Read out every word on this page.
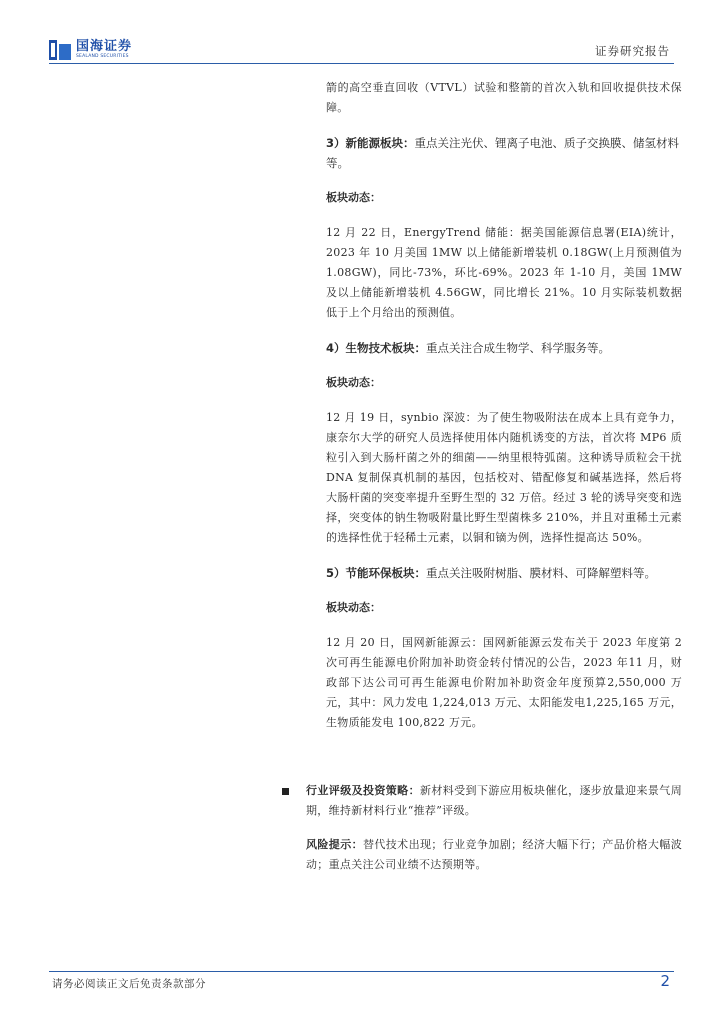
国海证券
SEALAND SECURITIES	证券研究报告

箭的高空垂直回收（VTVL）试验和整箭的首次入轨和回收提供技术保障。

3）新能源板块：重点关注光伏、锂离子电池、质子交换膜、储氢材料等。

板块动态：

12 月 22 日，EnergyTrend 储能：据美国能源信息署(EIA)统计，2023 年 10 月美国 1MW 以上储能新增装机 0.18GW(上月预测值为1.08GW)，同比-73%，环比-69%。2023 年 1-10 月，美国 1MW 及以上储能新增装机 4.56GW，同比增长 21%。10 月实际装机数据低于上个月给出的预测值。

4）生物技术板块：重点关注合成生物学、科学服务等。

板块动态：

12 月 19 日，synbio 深波：为了使生物吸附法在成本上具有竞争力，康奈尔大学的研究人员选择使用体内随机诱变的方法，首次将 MP6 质粒引入到大肠杆菌之外的细菌——纳里根特弧菌。这种诱导质粒会干扰 DNA 复制保真机制的基因，包括校对、错配修复和碱基选择，然后将大肠杆菌的突变率提升至野生型的 32 万倍。经过 3 轮的诱导突变和选择，突变体的钠生物吸附量比野生型菌株多 210%，并且对重稀土元素的选择性优于轻稀土元素，以铜和镝为例，选择性提高达 50%。

5）节能环保板块：重点关注吸附树脂、膜材料、可降解塑料等。

板块动态：

12 月 20 日，国网新能源云：国网新能源云发布关于 2023 年度第 2 次可再生能源电价附加补助资金转付情况的公告，2023 年11 月，财政部下达公司可再生能源电价附加补助资金年度预算2,550,000 万元，其中：风力发电 1,224,013 万元、太阳能发电1,225,165 万元，生物质能发电 100,822 万元。

行业评级及投资策略：新材料受到下游应用板块催化，逐步放量迎来景气周期，维持新材料行业“推荐”评级。

风险提示：替代技术出现；行业竞争加剧；经济大幅下行；产品价格大幅波动；重点关注公司业绩不达预期等。

请务必阅读正文后免责条款部分	2
